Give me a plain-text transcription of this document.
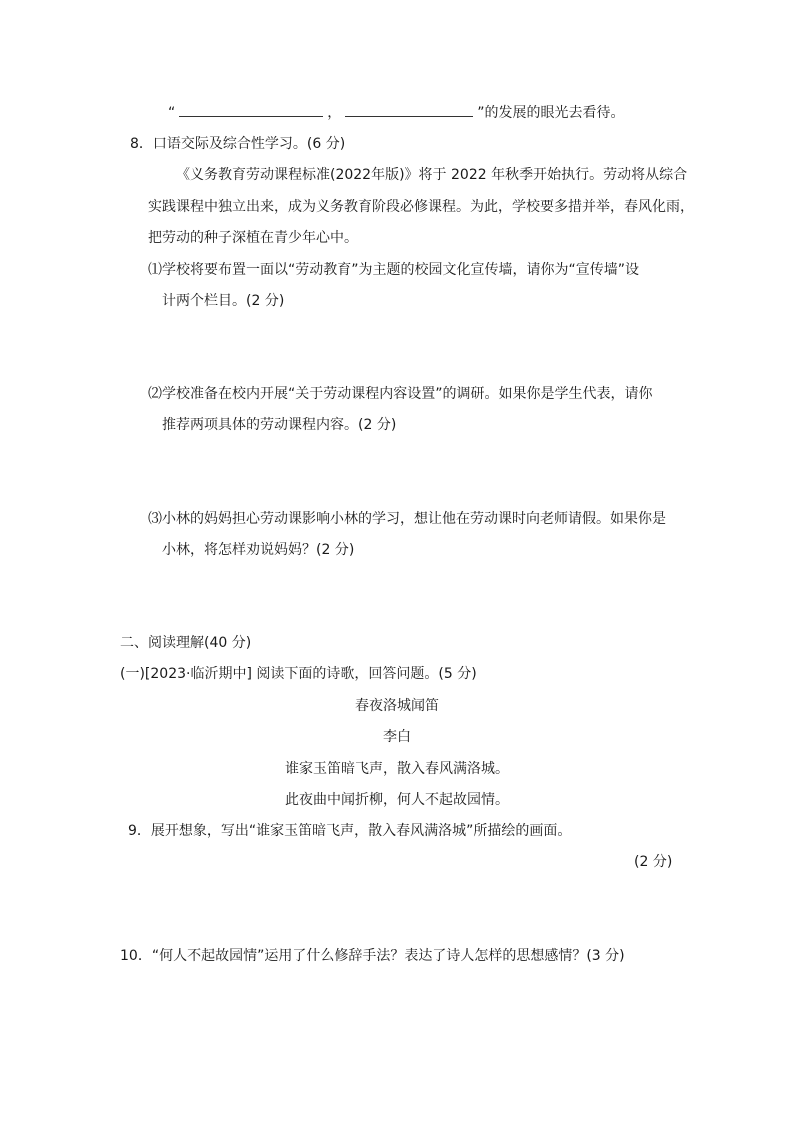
“	，	”的发展的眼光去看待。
8．口语交际及综合性学习。(6 分)
《义务教育劳动课程标准(2022年版)》将于 2022 年秋季开始执行。劳动将从综合
实践课程中独立出来，成为义务教育阶段必修课程。为此，学校要多措并举，春风化雨，
把劳动的种子深植在青少年心中。
⑴学校将要布置一面以“劳动教育”为主题的校园文化宣传墙，请你为“宣传墙”设
计两个栏目。(2 分)
⑵学校准备在校内开展“关于劳动课程内容设置”的调研。如果你是学生代表，请你
推荐两项具体的劳动课程内容。(2 分)
⑶小林的妈妈担心劳动课影响小林的学习，想让他在劳动课时向老师请假。如果你是
小林，将怎样劝说妈妈？(2 分)
二、阅读理解(40 分)
(一)[2023·临沂期中] 阅读下面的诗歌，回答问题。(5 分)
春夜洛城闻笛
李白
谁家玉笛暗飞声，散入春风满洛城。
此夜曲中闻折柳，何人不起故园情。
9．展开想象，写出“谁家玉笛暗飞声，散入春风满洛城”所描绘的画面。
(2 分)
10．“何人不起故园情”运用了什么修辞手法？表达了诗人怎样的思想感情？(3 分)
